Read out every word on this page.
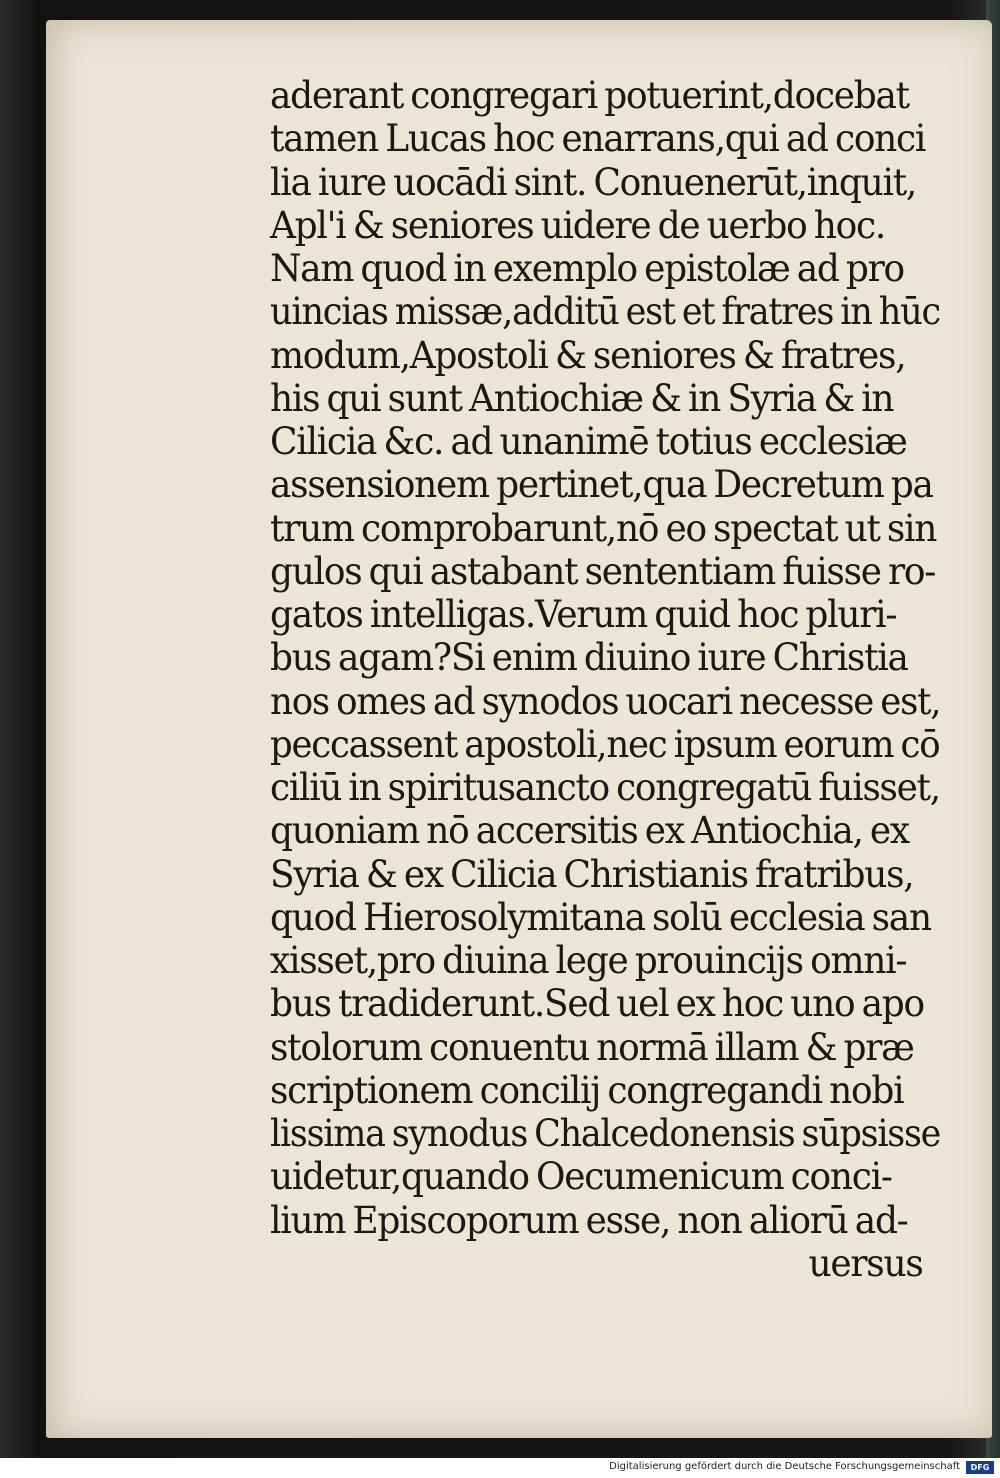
aderant congregari potuerint,docebat
tamen Lucas hoc enarrans,qui ad conci
lia iure uocādi sint. Conuenerūt,inquit,
Apl'i & seniores uidere de uerbo hoc.
Nam quod in exemplo epistolæ ad pro
uincias missæ,additū est et fratres in hūc
modum,Apostoli & seniores & fratres,
his qui sunt Antiochiæ & in Syria & in
Cilicia &c. ad unanimē totius ecclesiæ
assensionem pertinet,qua Decretum pa
trum comprobarunt,nō eo spectat ut sin
gulos qui astabant sententiam fuisse ro-
gatos intelligas.Verum quid hoc pluri-
bus agam?Si enim diuino iure Christia
nos omes ad synodos uocari necesse est,
peccassent apostoli,nec ipsum eorum cō
ciliū in spiritusancto congregatū fuisset,
quoniam nō accersitis ex Antiochia, ex
Syria & ex Cilicia Christianis fratribus,
quod Hierosolymitana solū ecclesia san
xisset,pro diuina lege prouincijs omni-
bus tradiderunt.Sed uel ex hoc uno apo
stolorum conuentu normā illam & præ
scriptionem concilij congregandi nobi
lissima synodus Chalcedonensis sūpsisse
uidetur,quando Oecumenicum conci-
lium Episcoporum esse, non aliorū ad-
uersus
Digitalisierung gefördert durch die Deutsche Forschungsgemeinschaft	DFG
